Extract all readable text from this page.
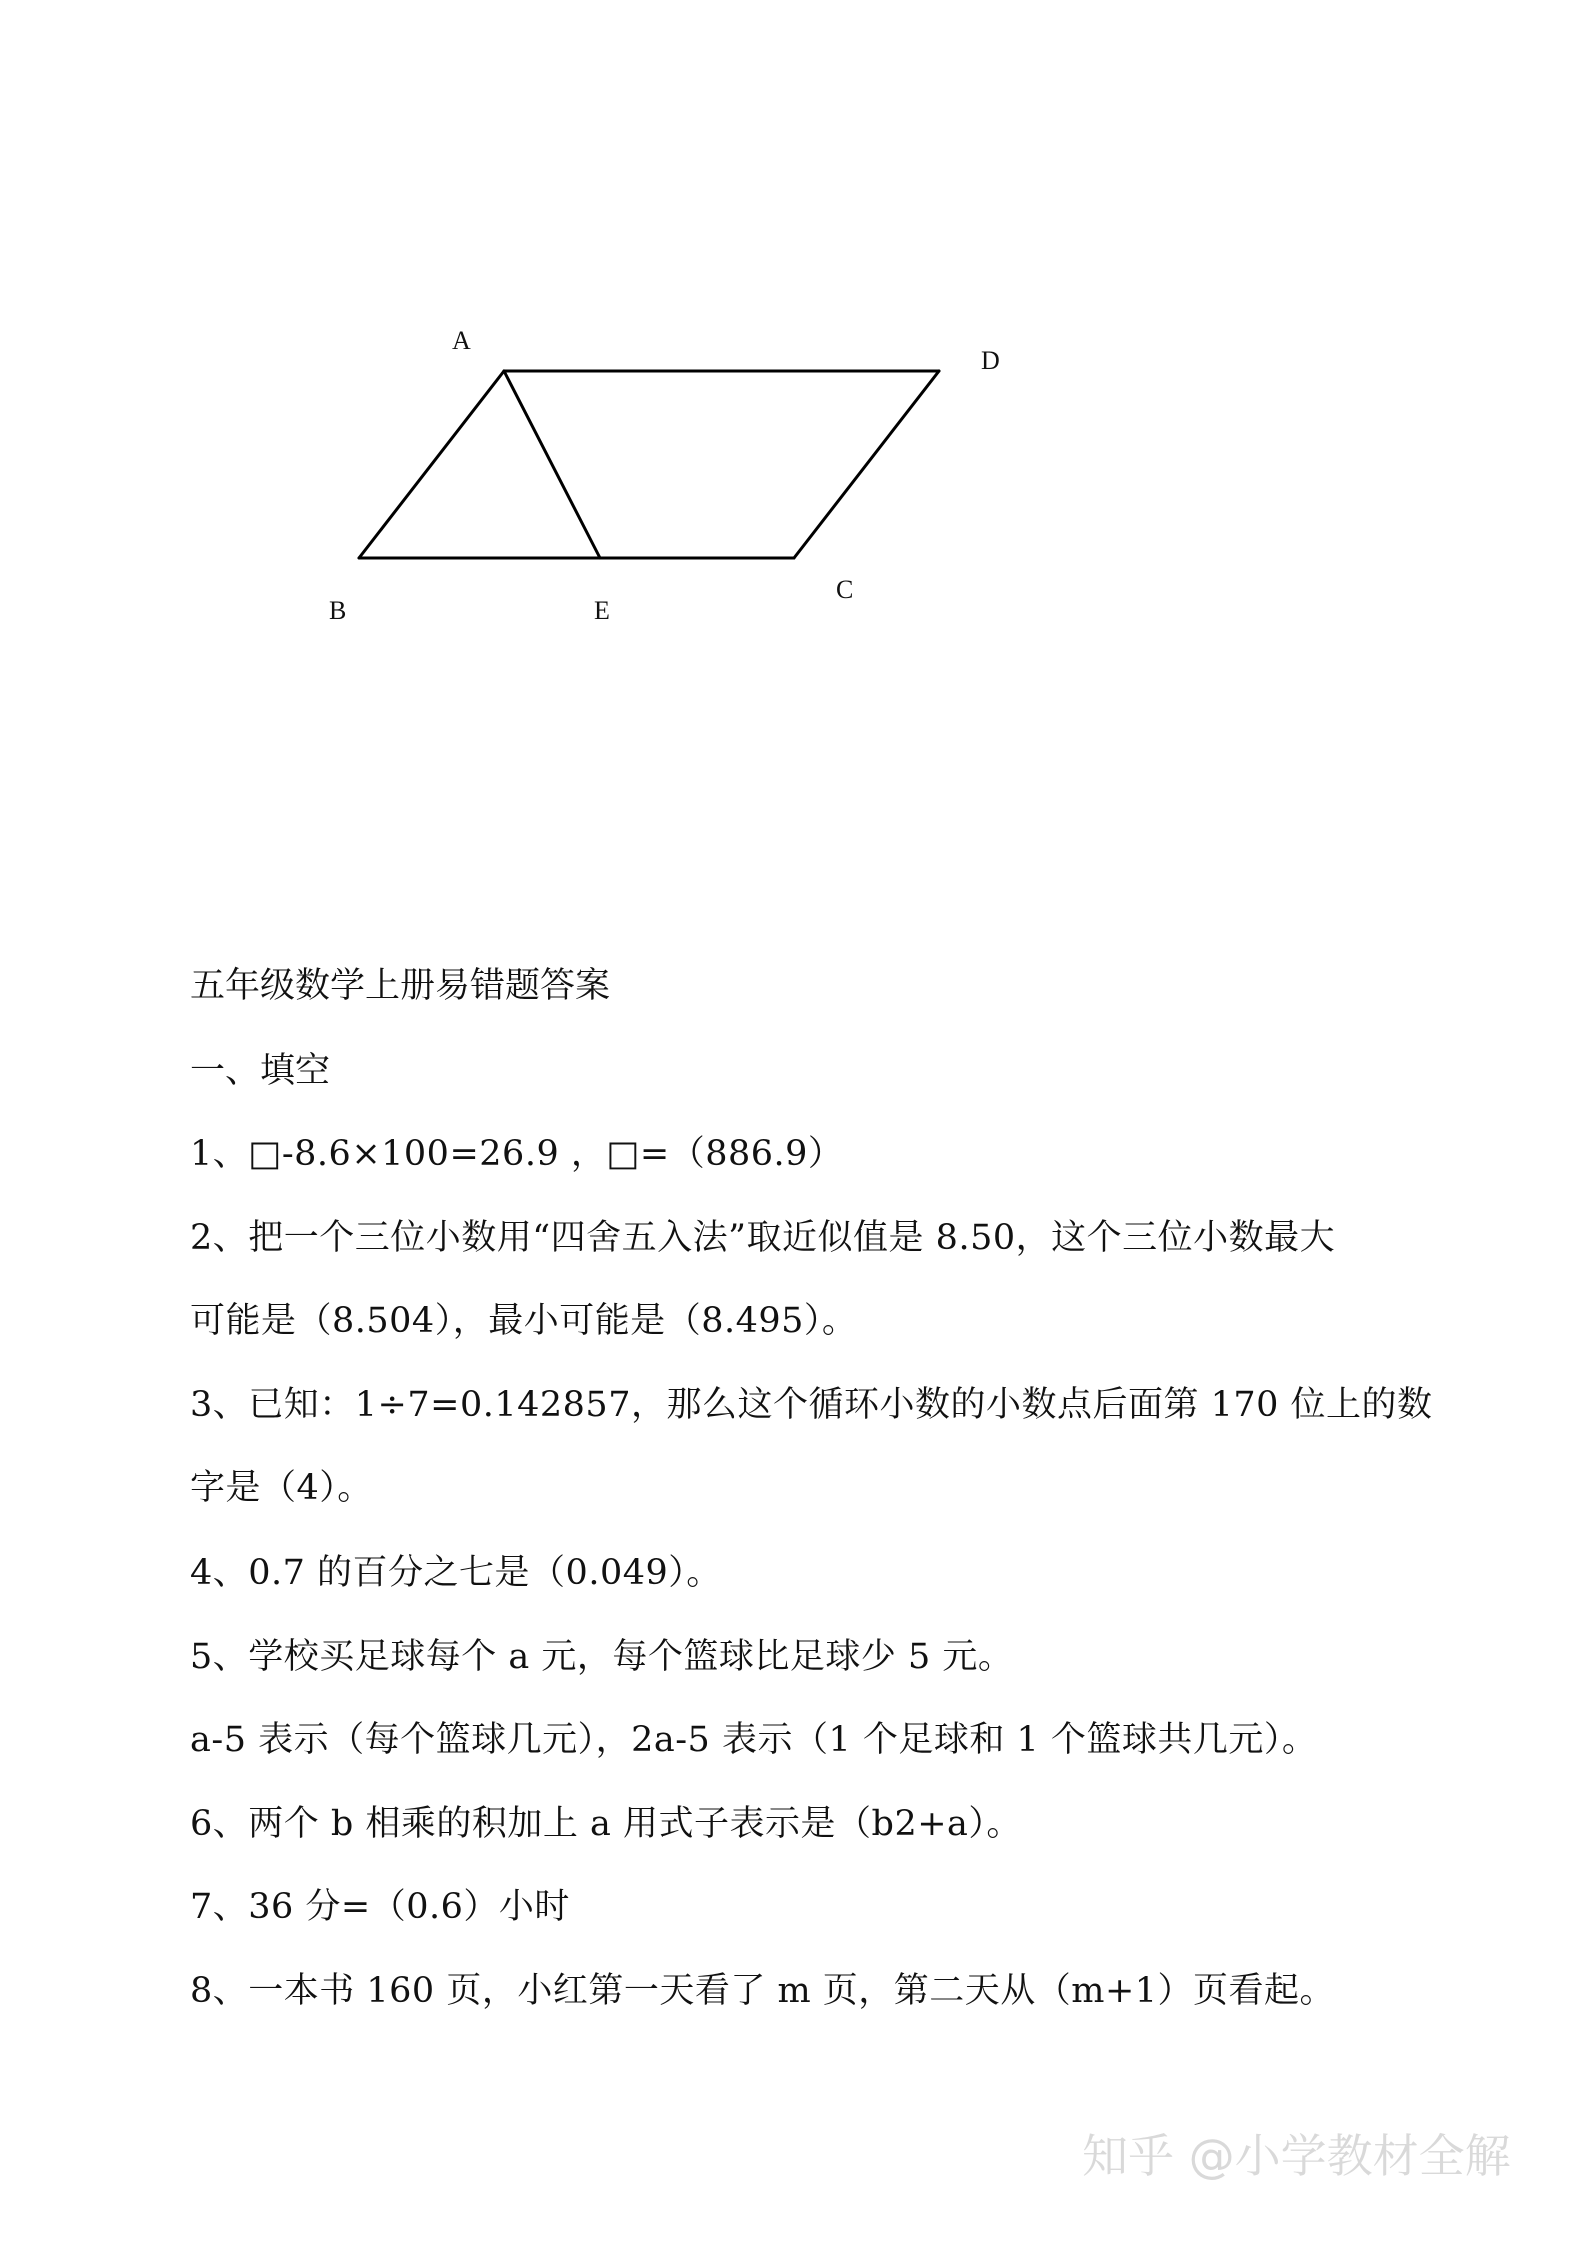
A
D
B	E
C
五年级数学上册易错题答案
一、填空
1、□-8.6×100=26.9 ，□=（886.9）
2、把一个三位小数用“四舍五入法”取近似值是 8.50，这个三位小数最大
可能是（8.504），最小可能是（8.495）。
3、已知：1÷7=0.142857，那么这个循环小数的小数点后面第 170 位上的数
字是（4）。
4、0.7 的百分之七是（0.049）。
5、学校买足球每个 a 元，每个篮球比足球少 5 元。
a-5 表示（每个篮球几元），2a-5 表示（1 个足球和 1 个篮球共几元）。
6、两个 b 相乘的积加上 a 用式子表示是（b2+a）。
7、36 分=（0.6）小时
8、一本书 160 页，小红第一天看了 m 页，第二天从（m+1）页看起。
知乎 @小学教材全解
